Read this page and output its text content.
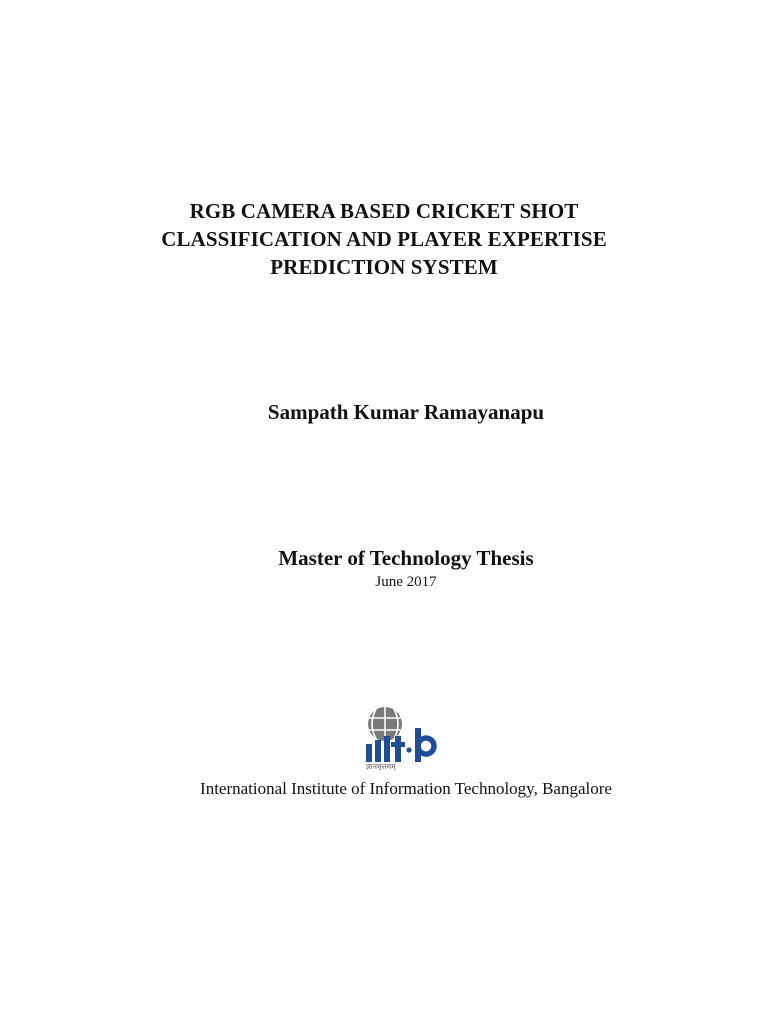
RGB CAMERA BASED CRICKET SHOT
CLASSIFICATION AND PLAYER EXPERTISE
PREDICTION SYSTEM
Sampath Kumar Ramayanapu
Master of Technology Thesis
June 2017
ज्ञानमुत्तमम्
International Institute of Information Technology, Bangalore
